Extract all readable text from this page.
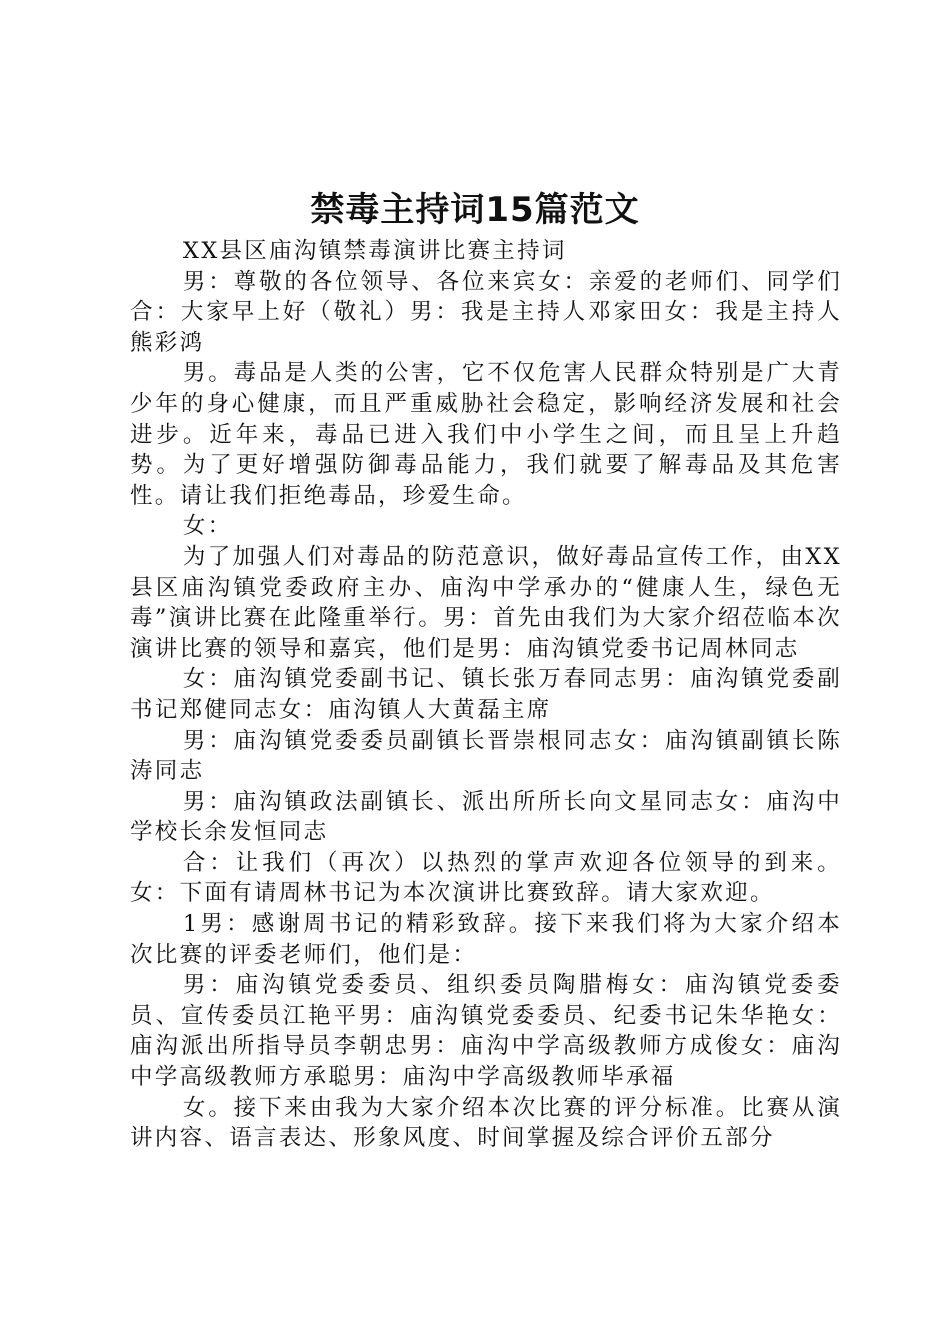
禁毒主持词15篇范文

XX县区庙沟镇禁毒演讲比赛主持词

男：尊敬的各位领导、各位来宾女：亲爱的老师们、同学们合：大家早上好（敬礼）男：我是主持人邓家田女：我是主持人熊彩鸿

男。毒品是人类的公害，它不仅危害人民群众特别是广大青少年的身心健康，而且严重威胁社会稳定，影响经济发展和社会进步。近年来，毒品已进入我们中小学生之间，而且呈上升趋势。为了更好增强防御毒品能力，我们就要了解毒品及其危害性。请让我们拒绝毒品，珍爱生命。

女：

为了加强人们对毒品的防范意识，做好毒品宣传工作，由XX县区庙沟镇党委政府主办、庙沟中学承办的“健康人生，绿色无毒”演讲比赛在此隆重举行。男：首先由我们为大家介绍莅临本次演讲比赛的领导和嘉宾，他们是男：庙沟镇党委书记周林同志

女：庙沟镇党委副书记、镇长张万春同志男：庙沟镇党委副书记郑健同志女：庙沟镇人大黄磊主席

男：庙沟镇党委委员副镇长晋崇根同志女：庙沟镇副镇长陈涛同志

男：庙沟镇政法副镇长、派出所所长向文星同志女：庙沟中学校长余发恒同志

合：让我们（再次）以热烈的掌声欢迎各位领导的到来。女：下面有请周林书记为本次演讲比赛致辞。请大家欢迎。

1男：感谢周书记的精彩致辞。接下来我们将为大家介绍本次比赛的评委老师们，他们是：

男：庙沟镇党委委员、组织委员陶腊梅女：庙沟镇党委委员、宣传委员江艳平男：庙沟镇党委委员、纪委书记朱华艳女：庙沟派出所指导员李朝忠男：庙沟中学高级教师方成俊女：庙沟中学高级教师方承聪男：庙沟中学高级教师毕承福

女。接下来由我为大家介绍本次比赛的评分标准。比赛从演讲内容、语言表达、形象风度、时间掌握及综合评价五部分
